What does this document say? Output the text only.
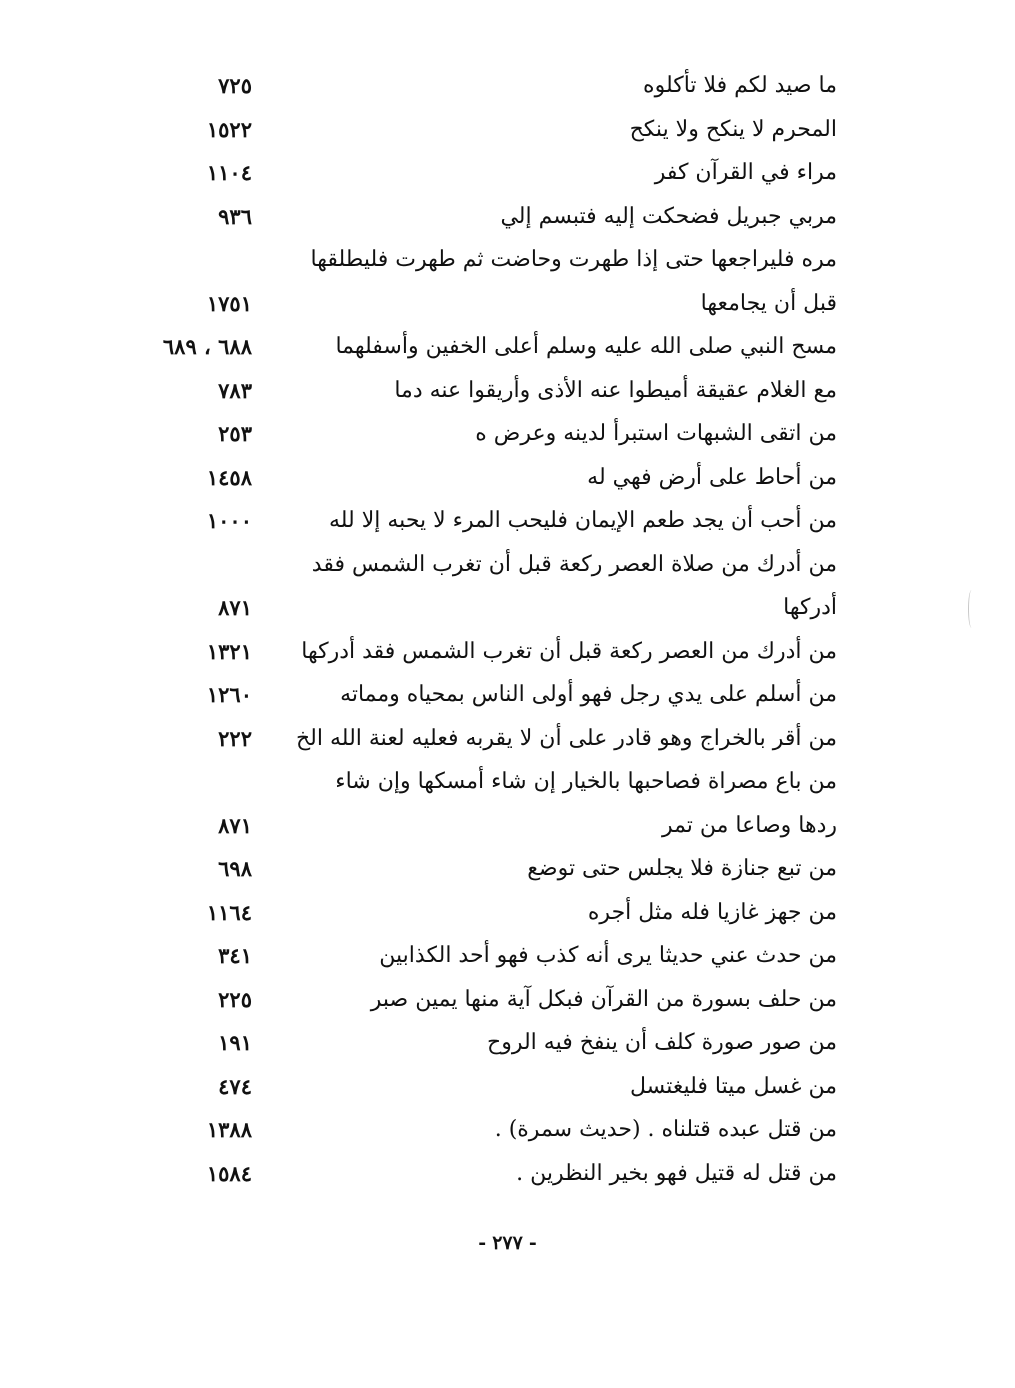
ما صيد لكم فلا تأكلوه
٧٢٥
المحرم لا ينكح ولا ينكح
١٥٢٢
مراء في القرآن كفر
١١٠٤
مربي جبريل فضحكت إليه فتبسم إلي
٩٣٦
مره فليراجعها حتى إذا طهرت وحاضت ثم طهرت فليطلقها
قبل أن يجامعها
١٧٥١
مسح النبي صلى الله عليه وسلم أعلى الخفين وأسفلهما
٦٨٨ ، ٦٨٩
مع الغلام عقيقة أميطوا عنه الأذى وأريقوا عنه دما
٧٨٣
من اتقى الشبهات استبرأ لدينه وعرض ه
٢٥٣
من أحاط على أرض فهي له
١٤٥٨
من أحب أن يجد طعم الإيمان فليحب المرء لا يحبه إلا لله
١٠٠٠
من أدرك من صلاة العصر ركعة قبل أن تغرب الشمس فقد
أدركها
٨٧١
من أدرك من العصر ركعة قبل أن تغرب الشمس فقد أدركها
١٣٢١
من أسلم على يدي رجل فهو أولى الناس بمحياه ومماته
١٢٦٠
من أقر بالخراج وهو قادر على أن لا يقربه فعليه لعنة الله الخ
٢٢٢
من باع مصراة فصاحبها بالخيار إن شاء أمسكها وإن شاء
ردها وصاعا من تمر
٨٧١
من تبع جنازة فلا يجلس حتى توضع
٦٩٨
من جهز غازيا فله مثل أجره
١١٦٤
من حدث عني حديثا يرى أنه كذب فهو أحد الكذابين
٣٤١
من حلف بسورة من القرآن فبكل آية منها يمين صبر
٢٢٥
من صور صورة كلف أن ينفخ فيه الروح
١٩١
من غسل ميتا فليغتسل
٤٧٤
من قتل عبده قتلناه . (حديث سمرة) .
١٣٨٨
من قتل له قتيل فهو بخير النظرين .
١٥٨٤
- ٢٧٧ -
